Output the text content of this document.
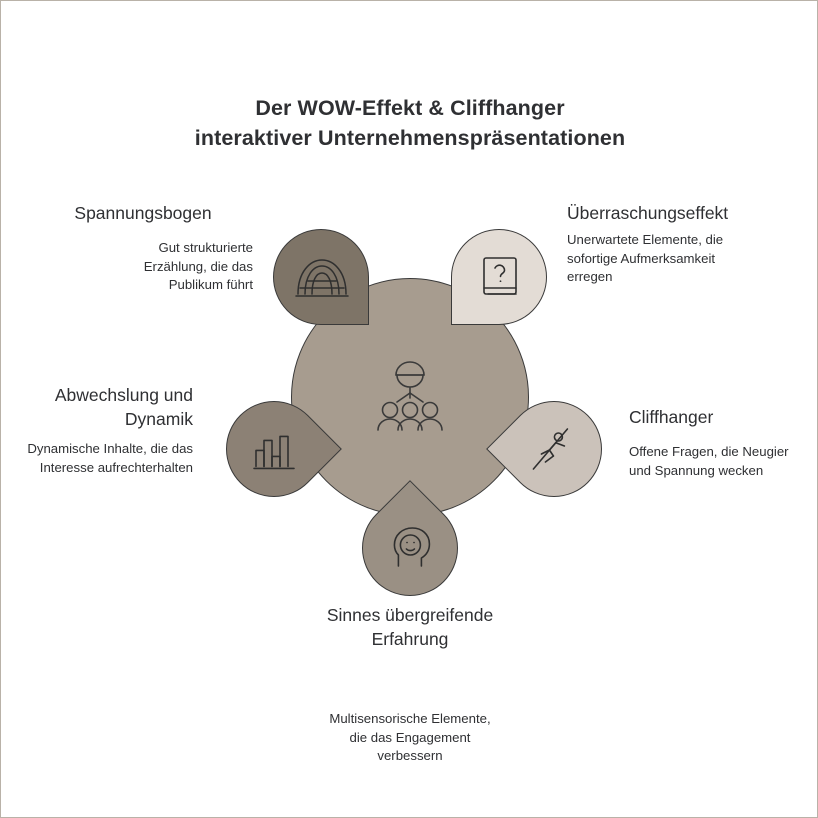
Der WOW-Effekt & Cliffhanger
interaktiver Unternehmenspräsentationen
Spannungsbogen
Gut strukturierte Erzählung, die das Publikum führt
Überraschungseffekt
Unerwartete Elemente, die sofortige Aufmerksamkeit erregen
Abwechslung und Dynamik
Dynamische Inhalte, die das Interesse aufrechterhalten
Cliffhanger
Offene Fragen, die Neugier und Spannung wecken
Sinnes übergreifende Erfahrung
Multisensorische Elemente, die das Engagement verbessern
